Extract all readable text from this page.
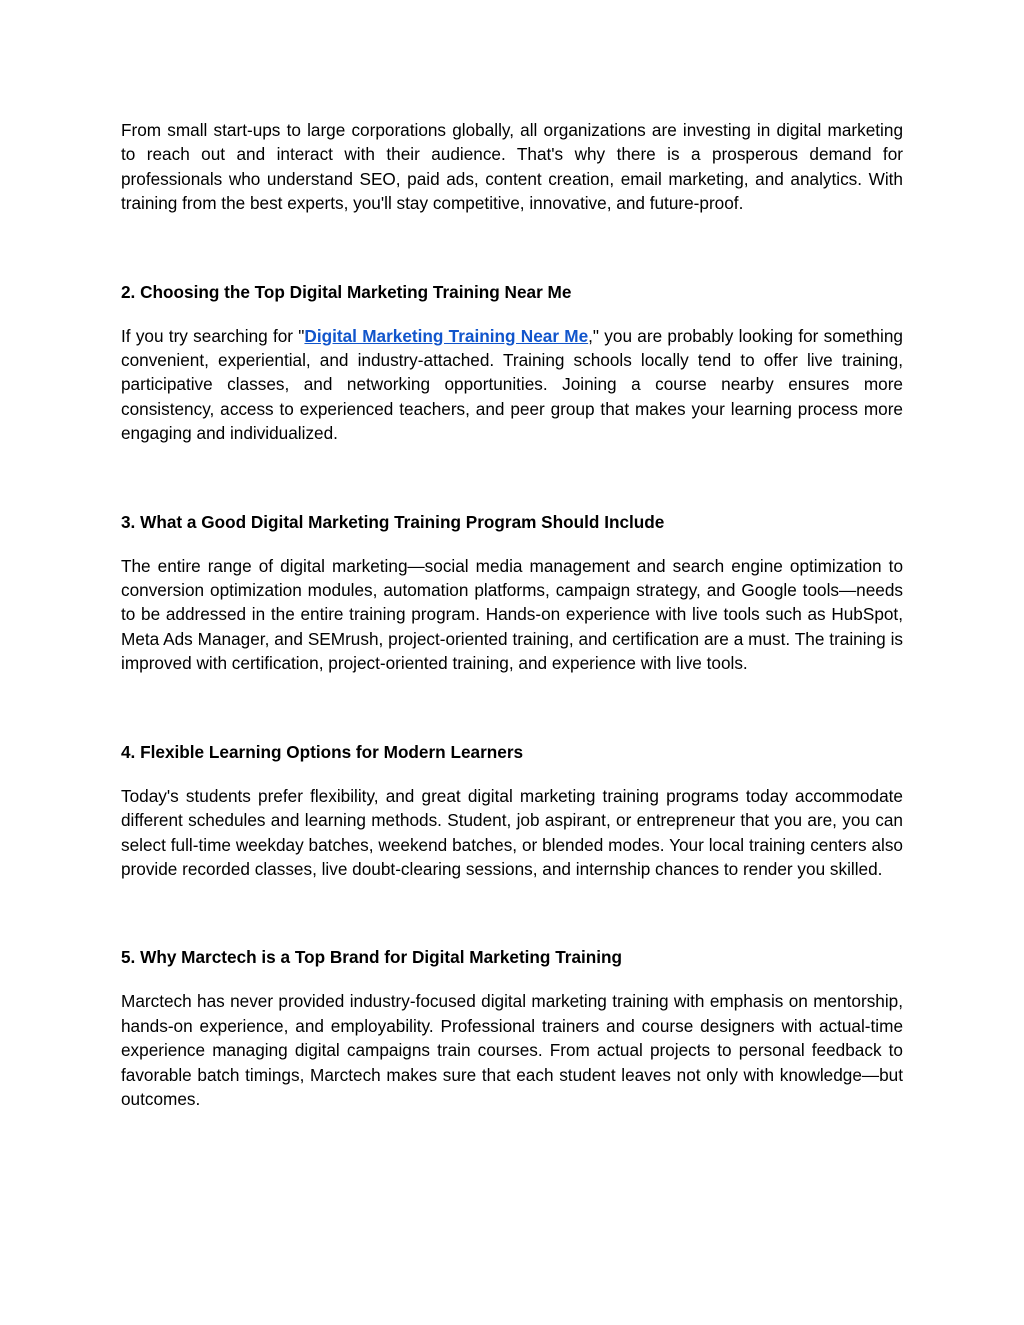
From small start-ups to large corporations globally, all organizations are investing in digital marketing to reach out and interact with their audience. That's why there is a prosperous demand for professionals who understand SEO, paid ads, content creation, email marketing, and analytics. With training from the best experts, you'll stay competitive, innovative, and future-proof.

2. Choosing the Top Digital Marketing Training Near Me

If you try searching for "Digital Marketing Training Near Me," you are probably looking for something convenient, experiential, and industry-attached. Training schools locally tend to offer live training, participative classes, and networking opportunities. Joining a course nearby ensures more consistency, access to experienced teachers, and peer group that makes your learning process more engaging and individualized.

3. What a Good Digital Marketing Training Program Should Include

The entire range of digital marketing—social media management and search engine optimization to conversion optimization modules, automation platforms, campaign strategy, and Google tools—needs to be addressed in the entire training program. Hands-on experience with live tools such as HubSpot, Meta Ads Manager, and SEMrush, project-oriented training, and certification are a must. The training is improved with certification, project-oriented training, and experience with live tools.

4. Flexible Learning Options for Modern Learners

Today's students prefer flexibility, and great digital marketing training programs today accommodate different schedules and learning methods. Student, job aspirant, or entrepreneur that you are, you can select full-time weekday batches, weekend batches, or blended modes. Your local training centers also provide recorded classes, live doubt-clearing sessions, and internship chances to render you skilled.

5. Why Marctech is a Top Brand for Digital Marketing Training

Marctech has never provided industry-focused digital marketing training with emphasis on mentorship, hands-on experience, and employability. Professional trainers and course designers with actual-time experience managing digital campaigns train courses. From actual projects to personal feedback to favorable batch timings, Marctech makes sure that each student leaves not only with knowledge—but outcomes.
